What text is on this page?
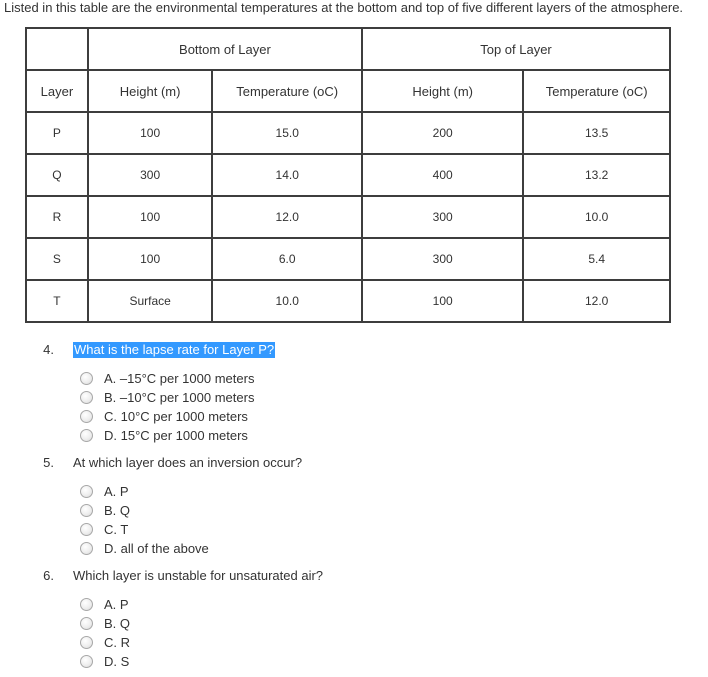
Listed in this table are the environmental temperatures at the bottom and top of five different layers of the atmosphere.
	Bottom of Layer		Top of Layer	
Layer	Height (m)	Temperature (oC)	Height (m)	Temperature (oC)
P	100	15.0	200	13.5
Q	300	14.0	400	13.2
R	100	12.0	300	10.0
S	100	6.0	300	5.4
T	Surface	10.0	100	12.0
4. What is the lapse rate for Layer P?
A. –15°C per 1000 meters
B. –10°C per 1000 meters
C. 10°C per 1000 meters
D. 15°C per 1000 meters
5. At which layer does an inversion occur?
A. P
B. Q
C. T
D. all of the above
6. Which layer is unstable for unsaturated air?
A. P
B. Q
C. R
D. S
